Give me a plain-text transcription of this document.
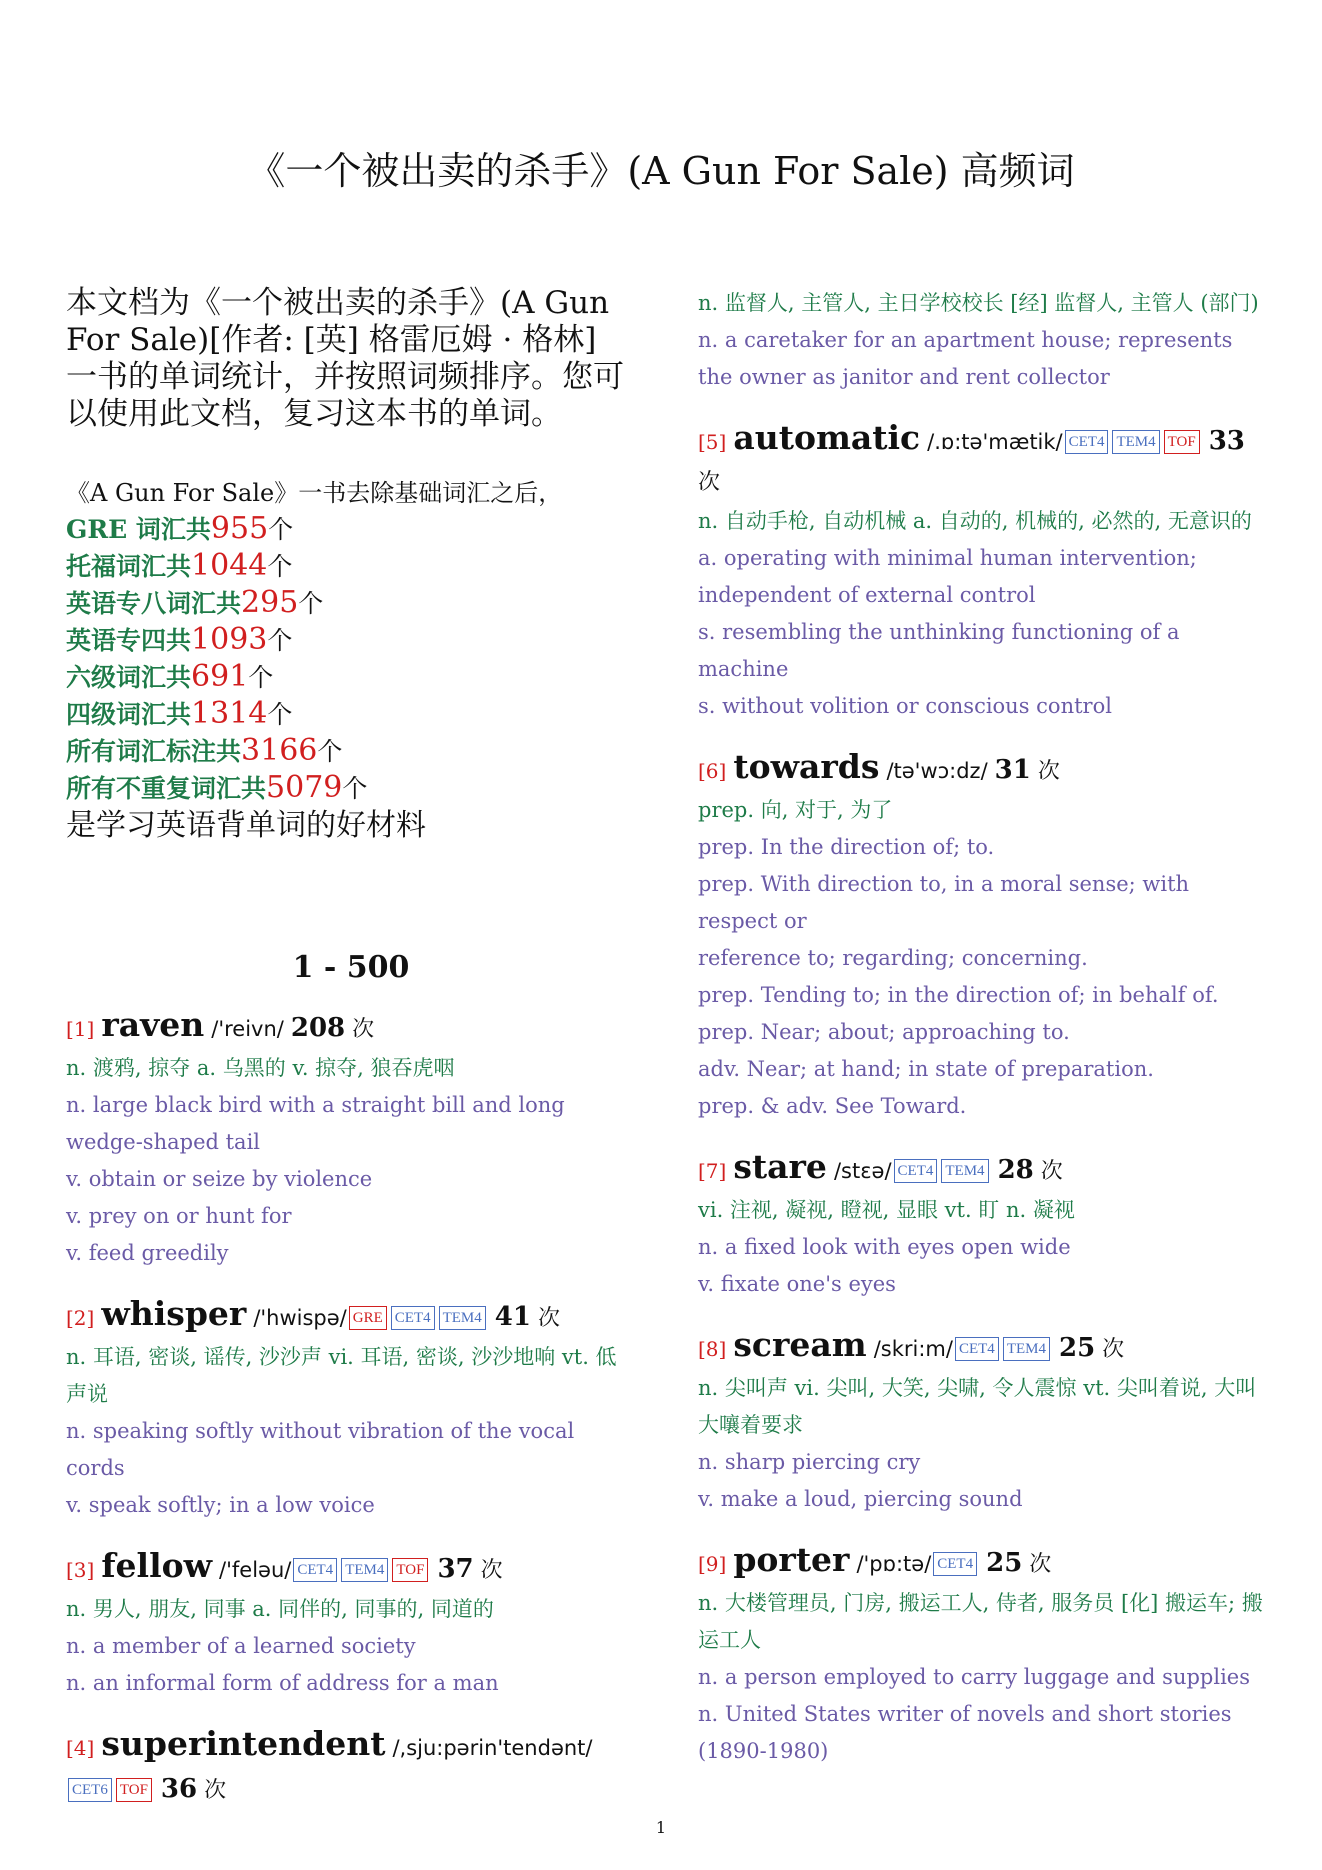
《一个被出卖的杀手》(A Gun For Sale) 高频词
本文档为《一个被出卖的杀手》(A Gun For Sale)[作者: [英] 格雷厄姆 · 格林] 一书的单词统计，并按照词频排序。您可以使用此文档，复习这本书的单词。
《A Gun For Sale》一书去除基础词汇之后，
GRE 词汇共955个
托福词汇共1044个
英语专八词汇共295个
英语专四共1093个
六级词汇共691个
四级词汇共1314个
所有词汇标注共3166个
所有不重复词汇共5079个
是学习英语背单词的好材料
1 - 500
[1] raven /'reivn/ 208 次
n. 渡鸦, 掠夺 a. 乌黑的 v. 掠夺, 狼吞虎咽
n. large black bird with a straight bill and long wedge-shaped tail
v. obtain or seize by violence
v. prey on or hunt for
v. feed greedily
[2] whisper /'hwispə/ GRE CET4 TEM4 41 次
n. 耳语, 密谈, 谣传, 沙沙声 vi. 耳语, 密谈, 沙沙地响 vt. 低声说
n. speaking softly without vibration of the vocal cords
v. speak softly; in a low voice
[3] fellow /'feləu/ CET4 TEM4 TOF 37 次
n. 男人, 朋友, 同事 a. 同伴的, 同事的, 同道的
n. a member of a learned society
n. an informal form of address for a man
[4] superintendent /,sju:pərin'tendənt/CET6 TOF 36 次
n. 监督人, 主管人, 主日学校校长 [经] 监督人, 主管人 (部门)
n. a caretaker for an apartment house; represents the owner as janitor and rent collector
[5] automatic /.ɒ:tə'mætik/ CET4 TEM4 TOF 33 次
n. 自动手枪, 自动机械 a. 自动的, 机械的, 必然的, 无意识的
a. operating with minimal human intervention; independent of external control
s. resembling the unthinking functioning of a machine
s. without volition or conscious control
[6] towards /tə'wɔ:dz/ 31 次
prep. 向, 对于, 为了
prep. In the direction of; to.
prep. With direction to, in a moral sense; with respect or
reference to; regarding; concerning.
prep. Tending to; in the direction of; in behalf of.
prep. Near; about; approaching to.
adv. Near; at hand; in state of preparation.
prep. & adv. See Toward.
[7] stare /stɛə/ CET4 TEM4 28 次
vi. 注视, 凝视, 瞪视, 显眼 vt. 盯 n. 凝视
n. a fixed look with eyes open wide
v. fixate one's eyes
[8] scream /skri:m/ CET4 TEM4 25 次
n. 尖叫声 vi. 尖叫, 大笑, 尖啸, 令人震惊 vt. 尖叫着说, 大叫大嚷着要求
n. sharp piercing cry
v. make a loud, piercing sound
[9] porter /'pɒ:tə/ CET4 25 次
n. 大楼管理员, 门房, 搬运工人, 侍者, 服务员 [化] 搬运车; 搬运工人
n. a person employed to carry luggage and supplies
n. United States writer of novels and short stories (1890-1980)
1
